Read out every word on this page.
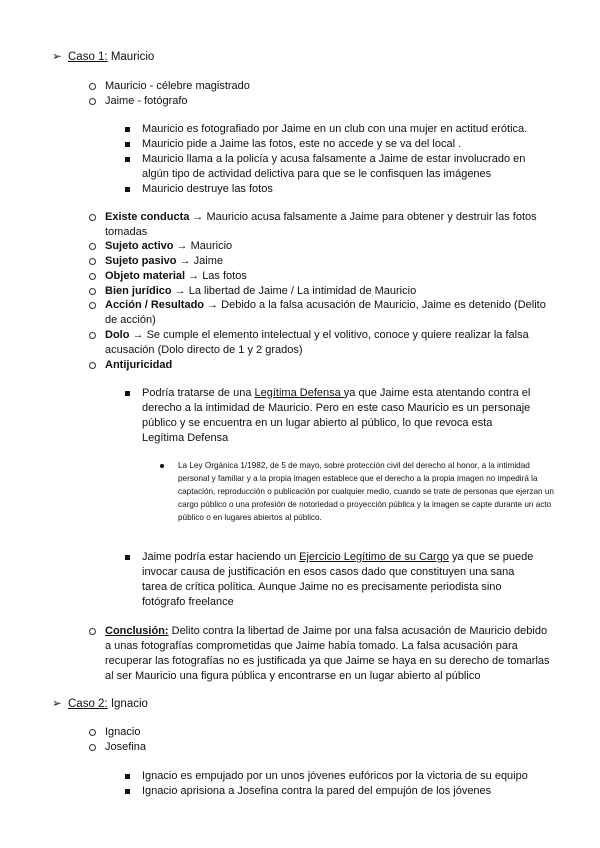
➢ Caso 1: Mauricio
Mauricio - célebre magistrado
Jaime - fotógrafo
Mauricio es fotografiado por Jaime en un club con una mujer en actitud erótica.
Mauricio pide a Jaime las fotos, este no accede y se va del local .
Mauricio llama a la policía y acusa falsamente a Jaime de estar involucrado en algún tipo de actividad delictiva para que se le confisquen las imágenes
Mauricio destruye las fotos
Existe conducta → Mauricio acusa falsamente a Jaime para obtener y destruir las fotos tomadas
Sujeto activo → Mauricio
Sujeto pasivo → Jaime
Objeto material → Las fotos
Bien jurídico → La libertad de Jaime / La intimidad de Mauricio
Acción / Resultado → Debido a la falsa acusación de Mauricio, Jaime es detenido (Delito de acción)
Dolo → Se cumple el elemento intelectual y el volitivo, conoce y quiere realizar la falsa acusación (Dolo directo de 1 y 2 grados)
Antijuricidad
Podría tratarse de una Legítima Defensa ya que Jaime esta atentando contra el derecho a la intimidad de Mauricio. Pero en este caso Mauricio es un personaje público y se encuentra en un lugar abierto al público, lo que revoca esta Legítima Defensa
La Ley Orgánica 1/1982, de 5 de mayo, sobre protección civil del derecho al honor, a la intimidad personal y familiar y a la propia imagen establece que el derecho a la propia imagen no impedirá la captación, reproducción o publicación por cualquier medio, cuando se trate de personas que ejerzan un cargo público o una profesión de notoriedad o proyección pública y la imagen se capte durante un acto público o en lugares abiertos al público.
Jaime podría estar haciendo un Ejercicio Legítimo de su Cargo ya que se puede invocar causa de justificación en esos casos dado que constituyen una sana tarea de crítica política. Aunque Jaime no es precisamente periodista sino fotógrafo freelance
Conclusión: Delito contra la libertad de Jaime por una falsa acusación de Mauricio debido a unas fotografías comprometidas que Jaime había tomado. La falsa acusación para recuperar las fotografías no es justificada ya que Jaime se haya en su derecho de tomarlas al ser Mauricio una figura pública y encontrarse en un lugar abierto al público
➢ Caso 2: Ignacio
Ignacio
Josefina
Ignacio es empujado por un unos jóvenes eufóricos por la victoria de su equipo
Ignacio aprisiona a Josefina contra la pared del empujón de los jóvenes
